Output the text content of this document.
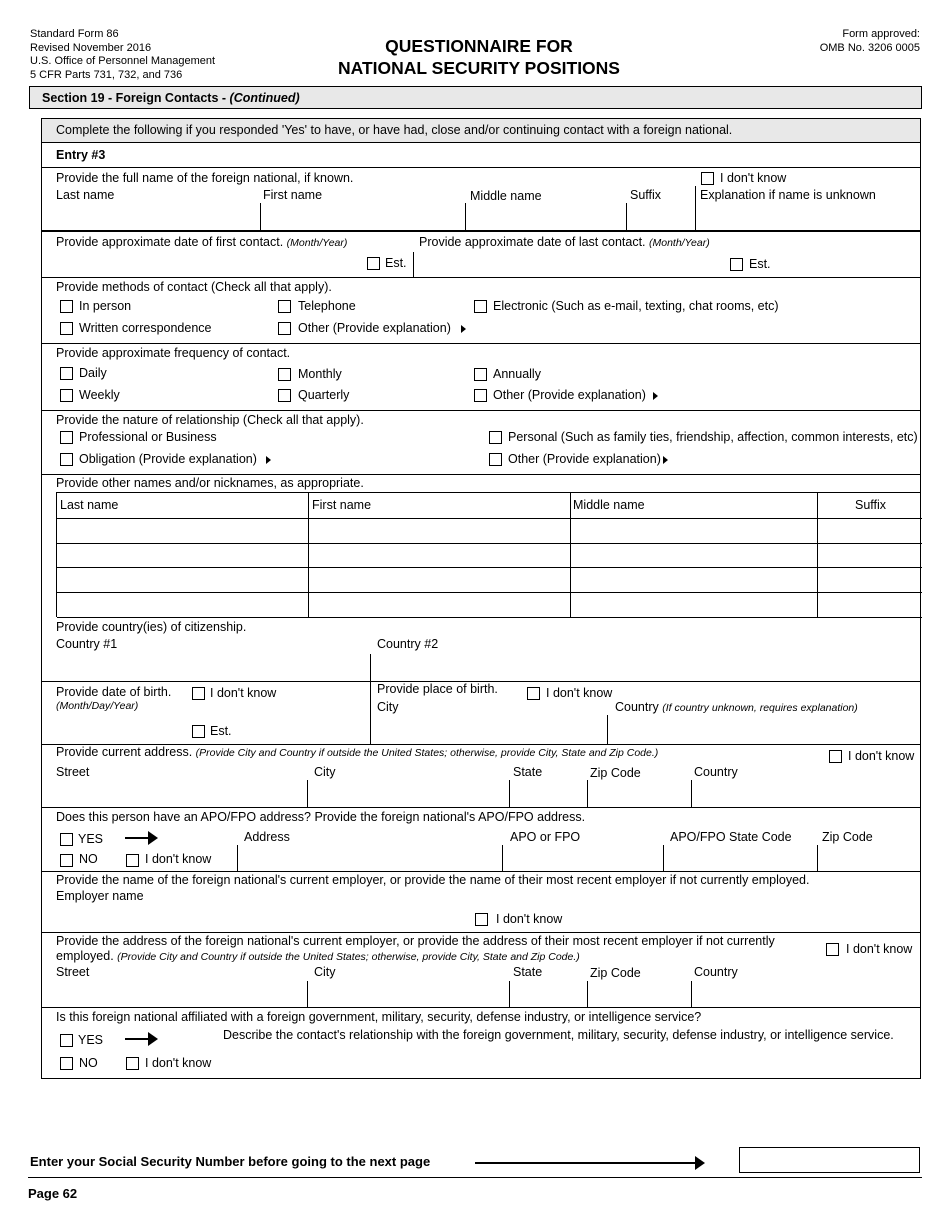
Standard Form 86
Revised November 2016
U.S. Office of Personnel Management
5 CFR Parts 731, 732, and 736
QUESTIONNAIRE FOR
NATIONAL SECURITY POSITIONS
Form approved:
OMB No. 3206 0005
Section 19 - Foreign Contacts - (Continued)
Complete the following if you responded 'Yes' to have, or have had, close and/or continuing contact with a foreign national.
Entry #3
Provide the full name of the foreign national, if known.	I don't know
Last name	First name	Middle name	Suffix	Explanation if name is unknown
Provide approximate date of first contact. (Month/Year)	Provide approximate date of last contact. (Month/Year)
Est.	Est.
Provide methods of contact (Check all that apply).
In person	Telephone	Electronic (Such as e-mail, texting, chat rooms, etc)
Written correspondence	Other (Provide explanation)
Provide approximate frequency of contact.
Daily	Monthly	Annually
Weekly	Quarterly	Other (Provide explanation)
Provide the nature of relationship (Check all that apply).
Professional or Business	Personal (Such as family ties, friendship, affection, common interests, etc)
Obligation (Provide explanation)	Other (Provide explanation)
Provide other names and/or nicknames, as appropriate.
Last name	First name	Middle name	Suffix
Provide country(ies) of citizenship.
Country #1	Country #2
Provide date of birth.
(Month/Day/Year)
I don't know
Est.
Provide place of birth.	I don't know
City	Country (If country unknown, requires explanation)
Provide current address. (Provide City and Country if outside the United States; otherwise, provide City, State and Zip Code.)	I don't know
Street	City	State	Zip Code	Country
Does this person have an APO/FPO address? Provide the foreign national's APO/FPO address.
YES	Address	APO or FPO	APO/FPO State Code Zip Code
NO	I don't know
Provide the name of the foreign national's current employer, or provide the name of their most recent employer if not currently employed.
Employer name
I don't know
Provide the address of the foreign national's current employer, or provide the address of their most recent employer if not currently
employed. (Provide City and Country if outside the United States; otherwise, provide City, State and Zip Code.)
I don't know
Street	City	State	Zip Code	Country
Is this foreign national affiliated with a foreign government, military, security, defense industry, or intelligence service?
YES	Describe the contact's relationship with the foreign government, military, security, defense industry, or intelligence service.
NO	I don't know
Enter your Social Security Number before going to the next page
Page 62
